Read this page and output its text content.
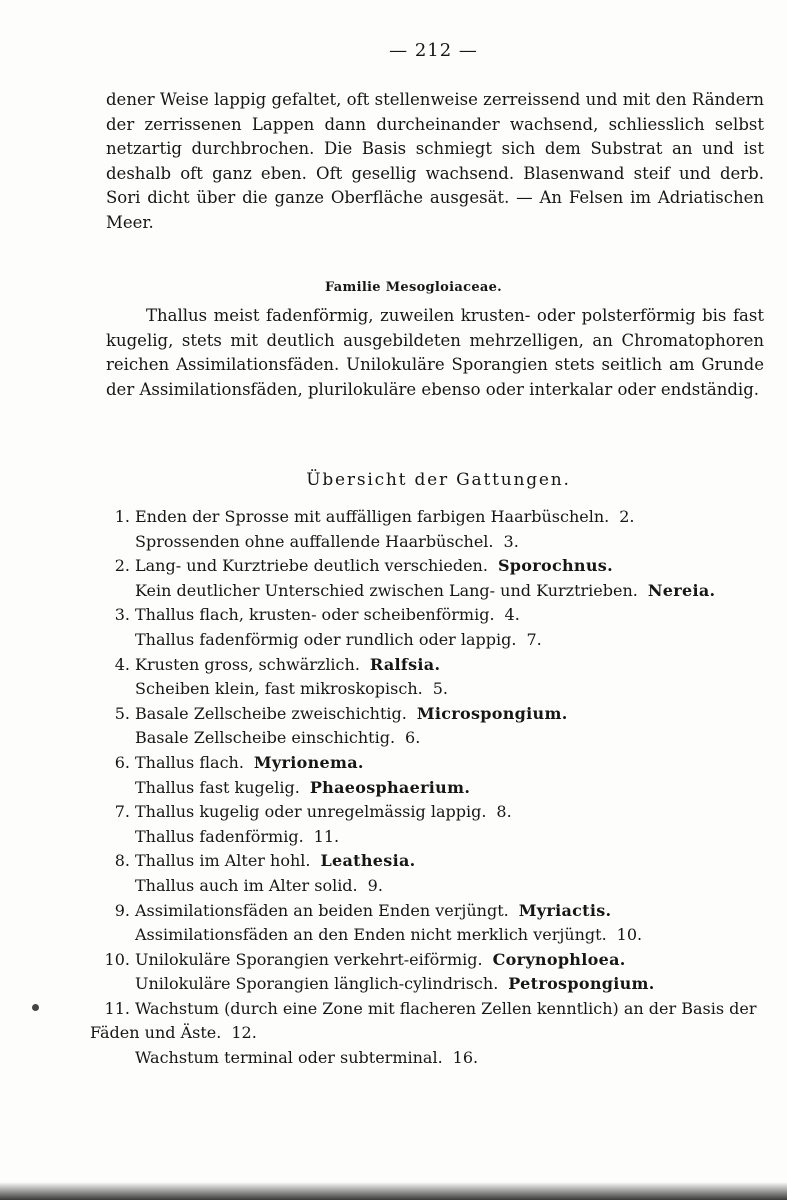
— 212 —
dener Weise lappig gefaltet, oft stellenweise zerreissend und mit den Rändern der zerrissenen Lappen dann durcheinander wachsend, schliesslich selbst netzartig durchbrochen. Die Basis schmiegt sich dem Substrat an und ist deshalb oft ganz eben. Oft gesellig wachsend. Blasenwand steif und derb. Sori dicht über die ganze Oberfläche ausgesät. — An Felsen im Adriatischen Meer.
Familie Mesogloiaceae.
Thallus meist fadenförmig, zuweilen krusten- oder polsterförmig bis fast kugelig, stets mit deutlich ausgebildeten mehrzelligen, an Chromatophoren reichen Assimilationsfäden. Unilokuläre Sporangien stets seitlich am Grunde der Assimilationsfäden, plurilokuläre ebenso oder interkalar oder endständig.
Übersicht der Gattungen.
1. Enden der Sprosse mit auffälligen farbigen Haarbüscheln. 2.
Sprossenden ohne auffallende Haarbüschel. 3.
2. Lang- und Kurztriebe deutlich verschieden. Sporochnus.
Kein deutlicher Unterschied zwischen Lang- und Kurztrieben. Nereia.
3. Thallus flach, krusten- oder scheibenförmig. 4.
Thallus fadenförmig oder rundlich oder lappig. 7.
4. Krusten gross, schwärzlich. Ralfsia.
Scheiben klein, fast mikroskopisch. 5.
5. Basale Zellscheibe zweischichtig. Microspongium.
Basale Zellscheibe einschichtig. 6.
6. Thallus flach. Myrionema.
Thallus fast kugelig. Phaeosphaerium.
7. Thallus kugelig oder unregelmässig lappig. 8.
Thallus fadenförmig. 11.
8. Thallus im Alter hohl. Leathesia.
Thallus auch im Alter solid. 9.
9. Assimilationsfäden an beiden Enden verjüngt. Myriactis.
Assimilationsfäden an den Enden nicht merklich verjüngt. 10.
10. Unilokuläre Sporangien verkehrt-eiförmig. Corynophloea.
Unilokuläre Sporangien länglich-cylindrisch. Petrospongium.
11. Wachstum (durch eine Zone mit flacheren Zellen kenntlich) an der Basis der Fäden und Äste. 12.
Wachstum terminal oder subterminal. 16.
